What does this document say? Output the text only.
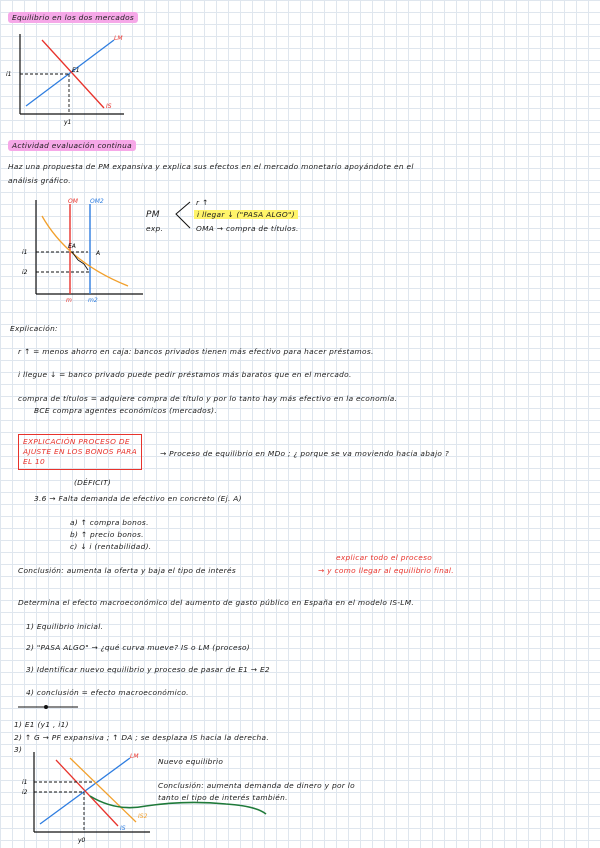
Equilibrio en los dos mercados
LM
IS
E1
i1
y1
Actividad evaluación continua
Haz una propuesta de PM expansiva y explica sus efectos en el mercado monetario apoyándote en el
análisis gráfico.
OM OM2
EA
A
i1
i2
m	m2
PM
exp.
r ↑
i llegar ↓ ("PASA ALGO")
OMA → compra de títulos.
Explicación:
r ↑ = menos ahorro en caja: bancos privados tienen más efectivo para hacer préstamos.
i llegue ↓ = banco privado puede pedir préstamos más baratos que en el mercado.
compra de títulos = adquiere compra de título y por lo tanto hay más efectivo en la economía.
BCE compra agentes económicos (mercados).
EXPLICACIÓN PROCESO DE
AJUSTE EN LOS BONOS PARA
EL 10
→ Proceso de equilibrio en MDo ; ¿ porque se va moviendo hacia abajo ?
(DÉFICIT)
3.6 → Falta demanda de efectivo en concreto (Ej. A)
a) ↑ compra bonos.
b) ↑ precio bonos.
c) ↓ i (rentabilidad).
Conclusión: aumenta la oferta y baja el tipo de interés
explicar todo el proceso
→ y como llegar al equilibrio final.
Determina el efecto macroeconómico del aumento de gasto público en España en el modelo IS-LM.
1) Equilibrio inicial.
2) "PASA ALGO" → ¿qué curva mueve? IS o LM (proceso)
3) Identificar nuevo equilibrio y proceso de pasar de E1 → E2
4) conclusión = efecto macroeconómico.
1) E1 (y1 , i1)
2) ↑ G → PF expansiva ; ↑ DA ; se desplaza IS hacia la derecha.
3)
LM
IS
IS2
i1
i2
y0
Nuevo equilibrio
Conclusión: aumenta demanda de dinero y por lo
tanto el tipo de interés también.
